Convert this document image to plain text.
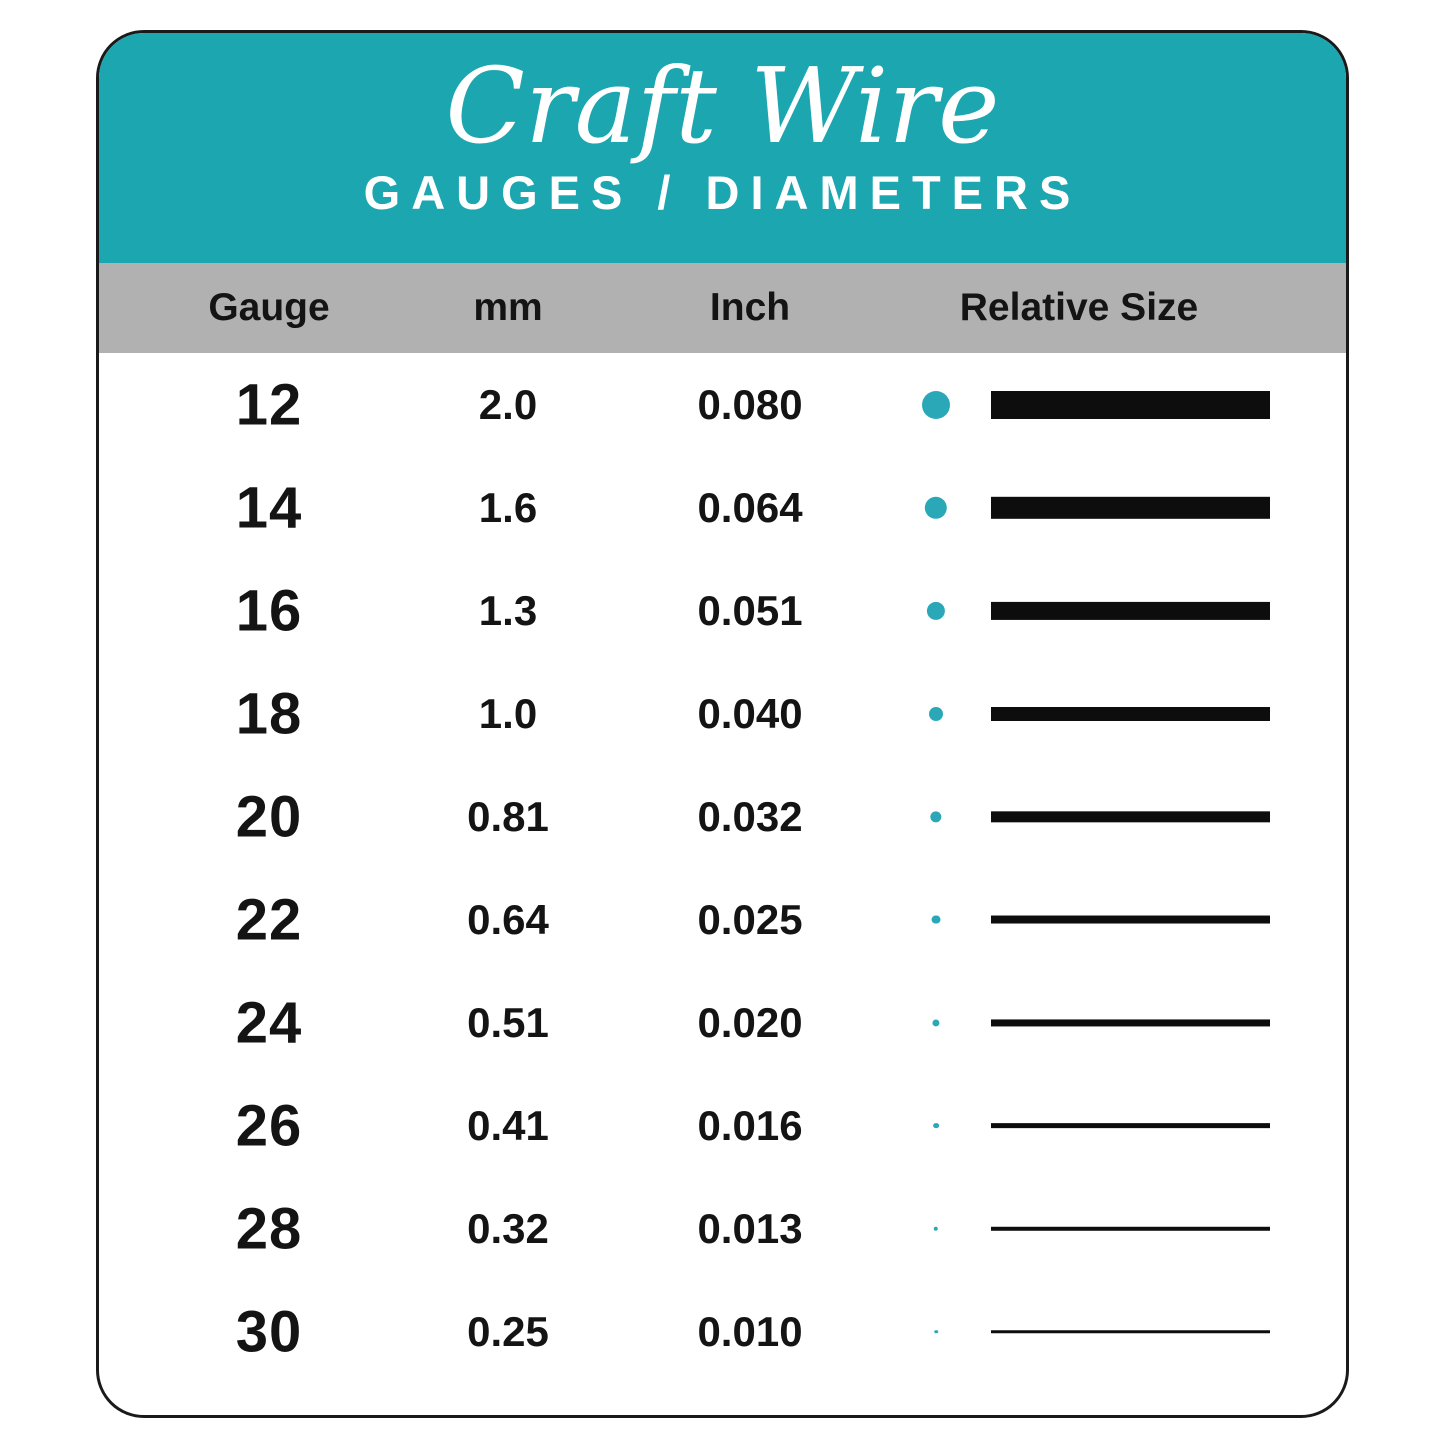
Craft Wire
GAUGES / DIAMETERS
Gauge	mm	Inch	Relative Size
12	2.0	0.080
14	1.6	0.064
16	1.3	0.051
18	1.0	0.040
20	0.81	0.032
22	0.64	0.025
24	0.51	0.020
26	0.41	0.016
28	0.32	0.013
30	0.25	0.010
